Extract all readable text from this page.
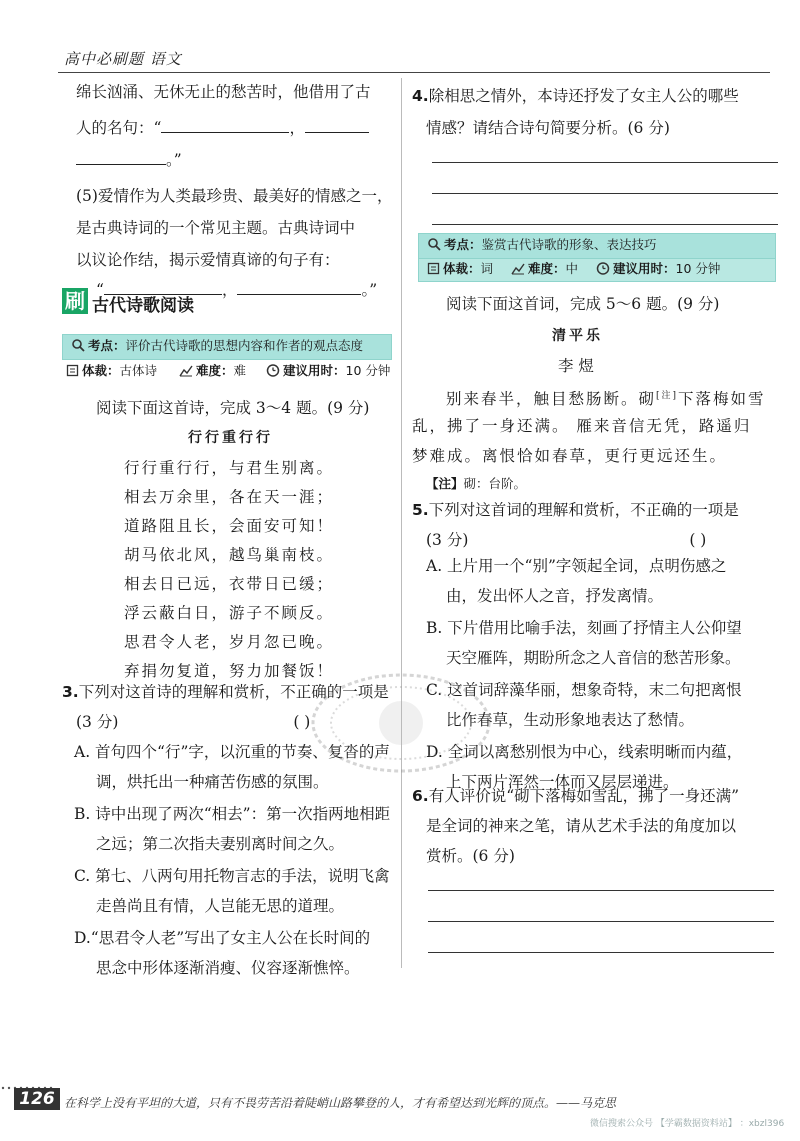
高中必刷题 语文
绵长汹涌、无休无止的愁苦时，他借用了古
人的名句：“	，
。”
(5)爱情作为人类最珍贵、最美好的情感之一，
是古典诗词的一个常见主题。古典诗词中
以议论作结，揭示爱情真谛的句子有：
“	，	。”
刷 古代诗歌阅读
考点：评价古代诗歌的思想内容和作者的观点态度
体裁：古体诗	难度：难	建议用时：10 分钟
阅读下面这首诗，完成 3～4 题。(9 分)
行行重行行
行行重行行，与君生别离。
相去万余里，各在天一涯；
道路阻且长，会面安可知！
胡马依北风，越鸟巢南枝。
相去日已远，衣带日已缓；
浮云蔽白日，游子不顾反。
思君令人老，岁月忽已晚。
弃捐勿复道，努力加餐饭！
3.下列对这首诗的理解和赏析，不正确的一项是
(3 分)	( )
A. 首句四个“行”字，以沉重的节奏、复沓的声
调，烘托出一种痛苦伤感的氛围。
B. 诗中出现了两次“相去”：第一次指两地相距
之远；第二次指夫妻别离时间之久。
C. 第七、八两句用托物言志的手法，说明飞禽
走兽尚且有情，人岂能无思的道理。
D.“思君令人老”写出了女主人公在长时间的
思念中形体逐渐消瘦、仪容逐渐憔悴。
4.除相思之情外，本诗还抒发了女主人公的哪些
情感？请结合诗句简要分析。(6 分)
考点：鉴赏古代诗歌的形象、表达技巧
体裁：词	难度：中	建议用时：10 分钟
阅读下面这首词，完成 5～6 题。(9 分)
清平乐
李 煜
别来春半，触目愁肠断。砌[注]下落梅如雪
乱，拂了一身还满。 雁来音信无凭，路遥归
梦难成。离恨恰如春草，更行更远还生。
【注】砌：台阶。
5.下列对这首词的理解和赏析，不正确的一项是
(3 分)	( )
A. 上片用一个“别”字领起全词，点明伤感之
由，发出怀人之音，抒发离情。
B. 下片借用比喻手法，刻画了抒情主人公仰望
天空雁阵，期盼所念之人音信的愁苦形象。
C. 这首词辞藻华丽，想象奇特，末二句把离恨
比作春草，生动形象地表达了愁情。
D. 全词以离愁别恨为中心，线索明晰而内蕴，
上下两片浑然一体而又层层递进。
6.有人评价说“砌下落梅如雪乱，拂了一身还满”
是全词的神来之笔，请从艺术手法的角度加以
赏析。(6 分)
126 在科学上没有平坦的大道，只有不畏劳苦沿着陡峭山路攀登的人，才有希望达到光辉的顶点。——马克思
微信搜索公众号 【学霸数据资料站】 ：xbzl396
